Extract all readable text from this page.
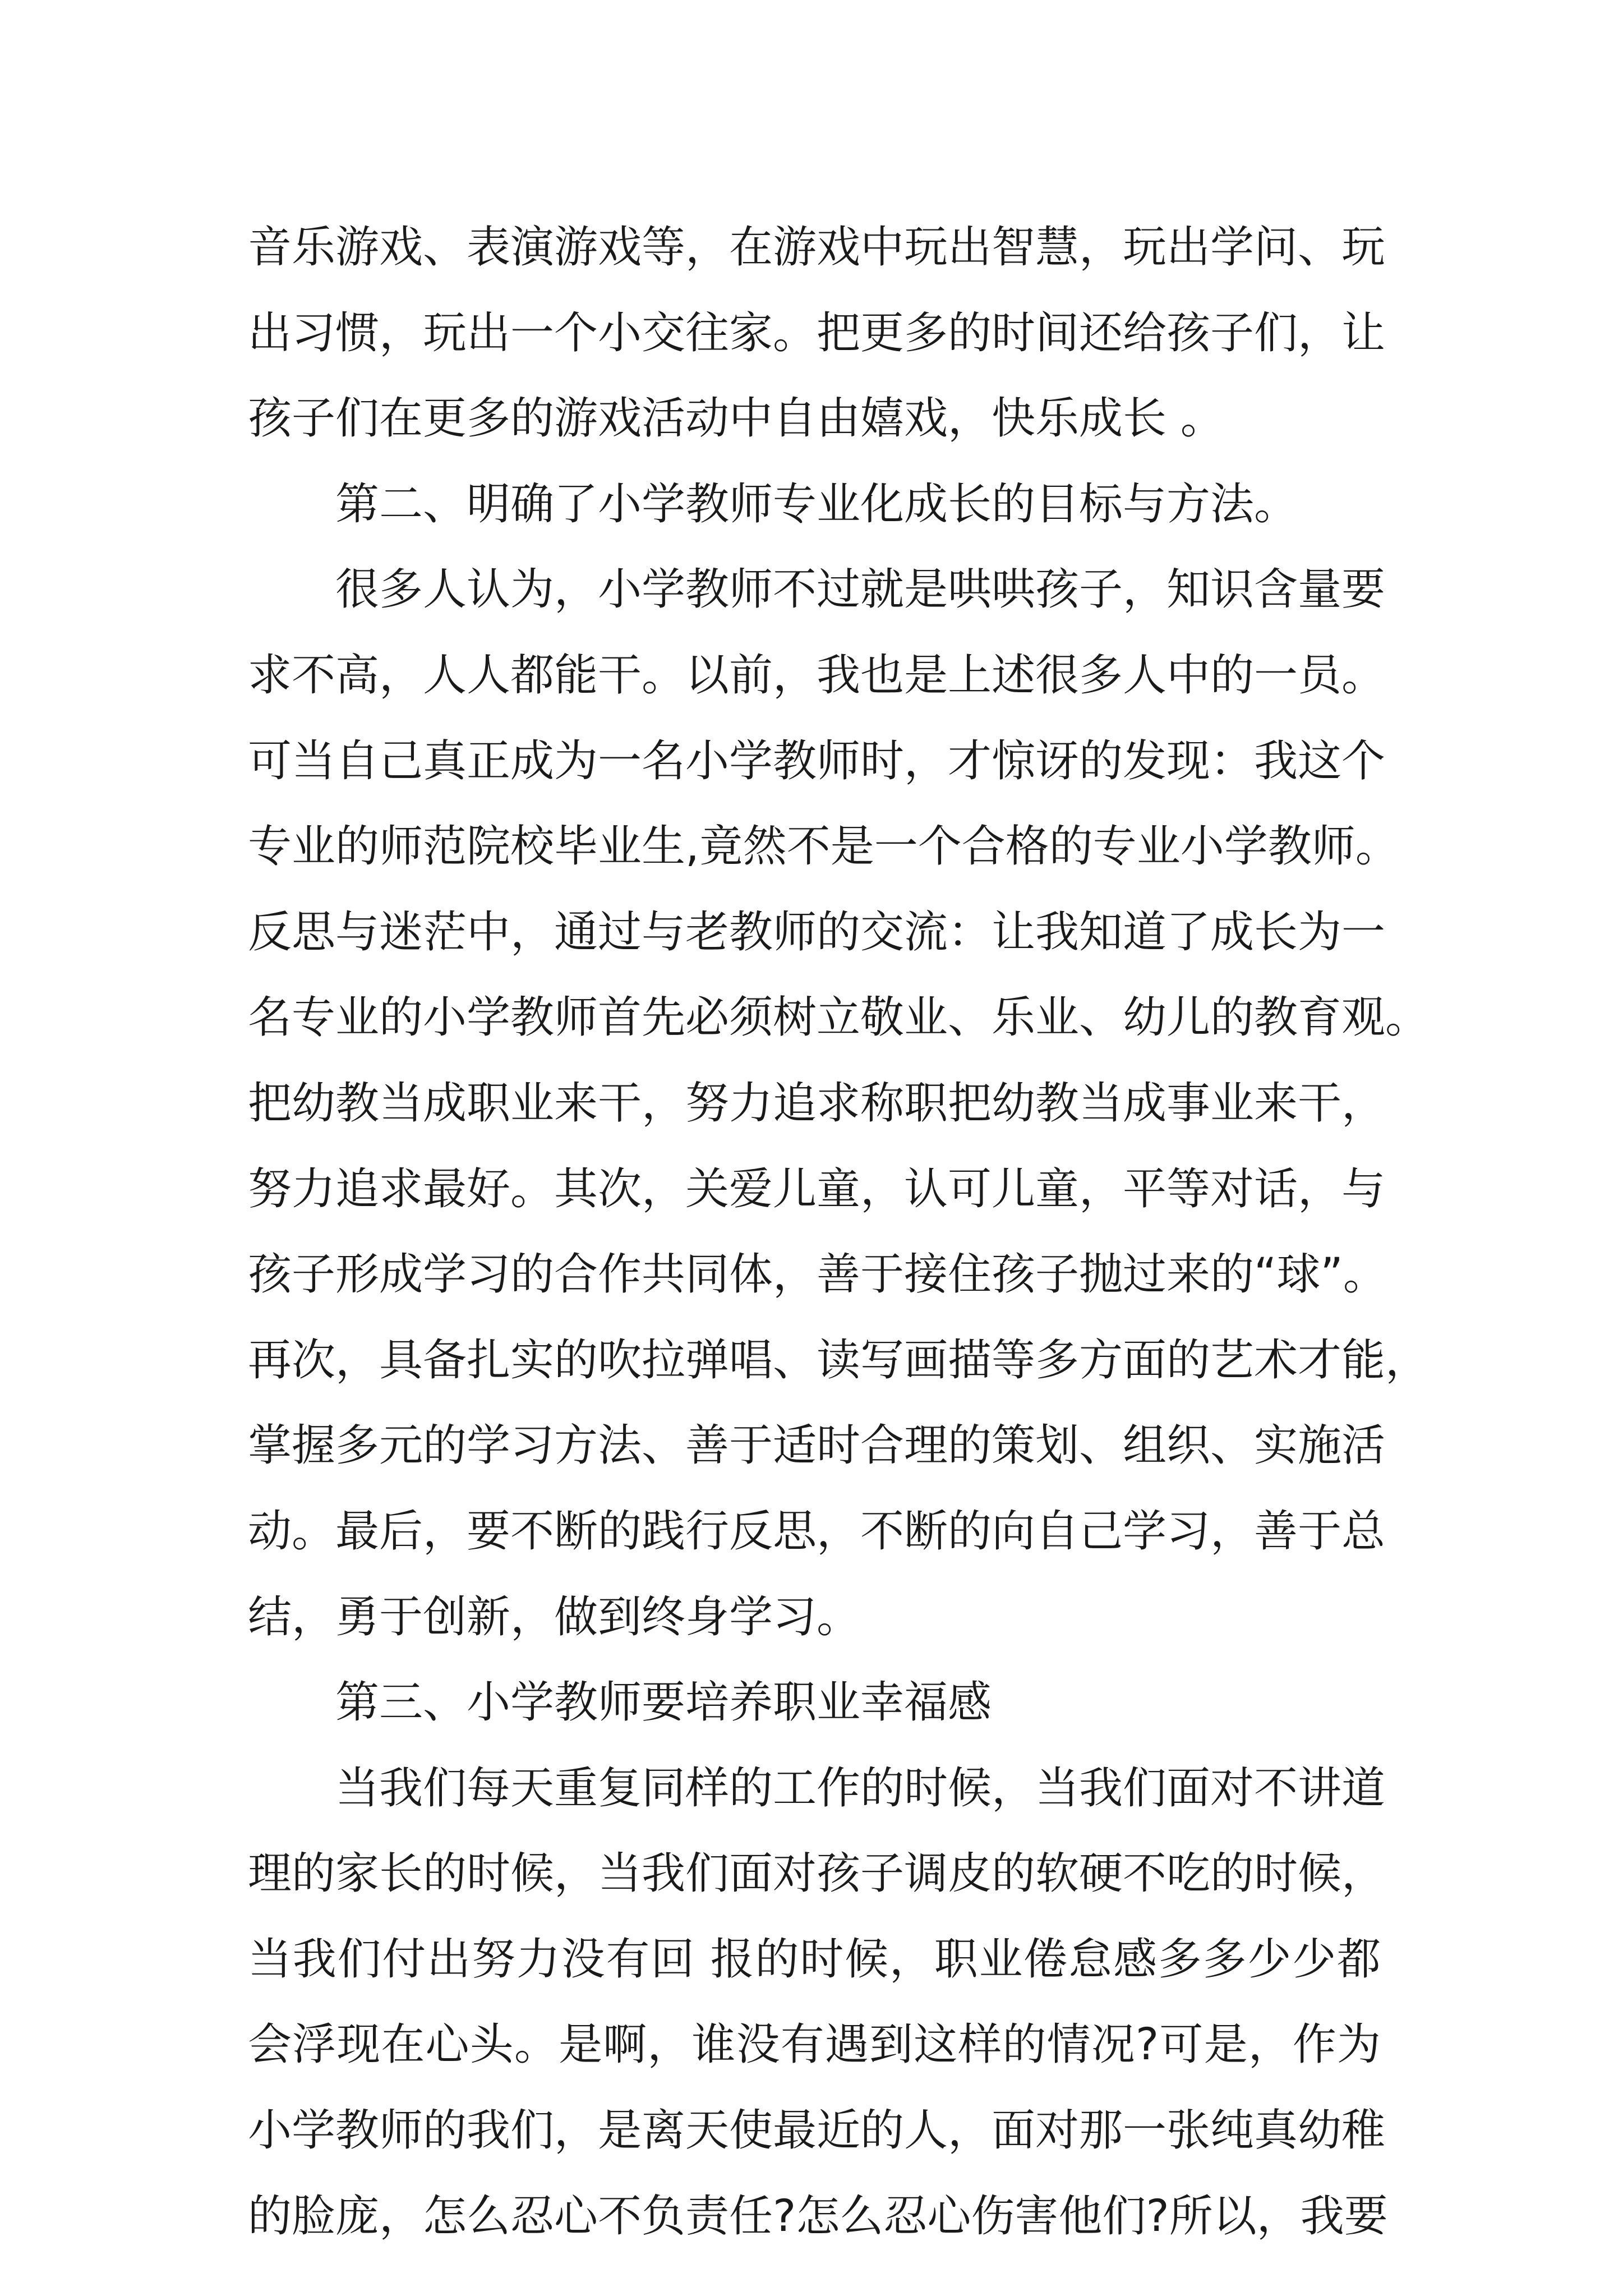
音乐游戏、表演游戏等，在游戏中玩出智慧，玩出学问、玩
出习惯，玩出一个小交往家。把更多的时间还给孩子们，让
孩子们在更多的游戏活动中自由嬉戏，快乐成长 。
第二、明确了小学教师专业化成长的目标与方法。
很多人认为，小学教师不过就是哄哄孩子，知识含量要
求不高，人人都能干。以前，我也是上述很多人中的一员。
可当自己真正成为一名小学教师时，才惊讶的发现：我这个
专业的师范院校毕业生,竟然不是一个合格的专业小学教师。
反思与迷茫中，通过与老教师的交流：让我知道了成长为一
名专业的小学教师首先必须树立敬业、乐业、幼儿的教育观。
把幼教当成职业来干，努力追求称职把幼教当成事业来干，
努力追求最好。其次，关爱儿童，认可儿童，平等对话，与
孩子形成学习的合作共同体，善于接住孩子抛过来的“球”。
再次，具备扎实的吹拉弹唱、读写画描等多方面的艺术才能，
掌握多元的学习方法、善于适时合理的策划、组织、实施活
动。最后，要不断的践行反思，不断的向自己学习，善于总
结，勇于创新，做到终身学习。
第三、小学教师要培养职业幸福感
当我们每天重复同样的工作的时候，当我们面对不讲道
理的家长的时候，当我们面对孩子调皮的软硬不吃的时候，
当我们付出努力没有回 报的时候，职业倦怠感多多少少都
会浮现在心头。是啊，谁没有遇到这样的情况?可是，作为
小学教师的我们，是离天使最近的人，面对那一张纯真幼稚
的脸庞，怎么忍心不负责任?怎么忍心伤害他们?所以，我要
